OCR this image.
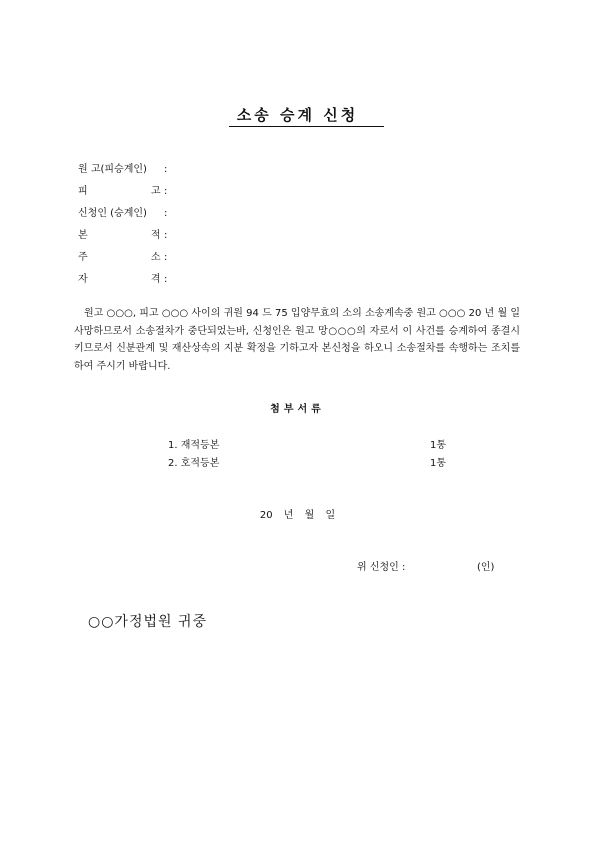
소송 승계 신청
원 고(피승계인) :
피 고 :
신청인 (승계인) :
본 적 :
주 소 :
자 격 :
원고 ○○○, 피고 ○○○ 사이의 귀원 94 드 75 입양무효의 소의 소송계속중 원고 ○○○ 20 년 월 일 사망하므로서 소송절차가 중단되었는바, 신청인은 원고 망○○○의 자로서 이 사건를 승계하여 종결시키므로서 신분관계 및 재산상속의 지분 확정을 기하고자 본신청을 하오니 소송절차를 속행하는 조치를 하여 주시기 바랍니다.
첨부서류
1. 재적등본	1통
2. 호적등본	1통
20 년 월 일
위 신청인 :	(인)
○○가정법원 귀중
